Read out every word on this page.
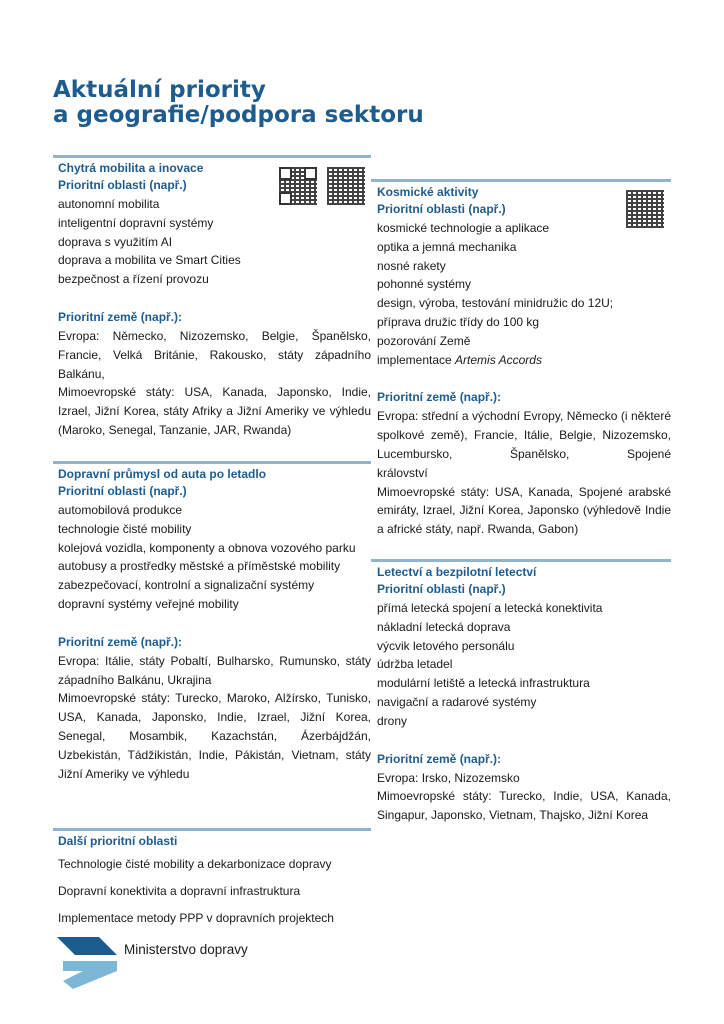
Aktuální priority
a geografie/podpora sektoru
Chytrá mobilita a inovace
Prioritní oblasti (např.)
autonomní mobilita
inteligentní dopravní systémy
doprava s využitím AI
doprava a mobilita ve Smart Cities
bezpečnost a řízení provozu
Prioritní země (např.):
Evropa: Německo, Nizozemsko, Belgie, Španělsko, Francie, Velká Británie, Rakousko, státy západního Balkánu,
Mimoevropské státy: USA, Kanada, Japonsko, Indie, Izrael, Jižní Korea, státy Afriky a Jižní Ameriky ve výhledu (Maroko, Senegal, Tanzanie, JAR, Rwanda)
Dopravní průmysl od auta po letadlo
Prioritní oblasti (např.)
automobilová produkce
technologie čisté mobility
kolejová vozidla, komponenty a obnova vozového parku
autobusy a prostředky městské a příměstské mobility
zabezpečovací, kontrolní a signalizační systémy
dopravní systémy veřejné mobility
Prioritní země (např.):
Evropa: Itálie, státy Pobaltí, Bulharsko, Rumunsko, státy západního Balkánu, Ukrajina
Mimoevropské státy: Turecko, Maroko, Alžírsko, Tunisko, USA, Kanada, Japonsko, Indie, Izrael, Jižní Korea, Senegal, Mosambik, Kazachstán, Ázerbájdžán, Uzbekistán, Tádžikistán, Indie, Pákistán, Vietnam, státy Jižní Ameriky ve výhledu
Kosmické aktivity
Prioritní oblasti (např.)
kosmické technologie a aplikace
optika a jemná mechanika
nosné rakety
pohonné systémy
design, výroba, testování minidružic do 12U;
příprava družic třídy do 100 kg
pozorování Země
implementace Artemis Accords
Prioritní země (např.):
Evropa: střední a východní Evropy, Německo (i některé spolkové země), Francie, Itálie, Belgie, Nizozemsko, Lucembursko, Španělsko, Spojené
království
Mimoevropské státy: USA, Kanada, Spojené arabské emiráty, Izrael, Jižní Korea, Japonsko (výhledově Indie a africké státy, např. Rwanda, Gabon)
Letectví a bezpilotní letectví
Prioritní oblasti (např.)
přímá letecká spojení a letecká konektivita
nákladní letecká doprava
výcvik letového personálu
údržba letadel
modulární letiště a letecká infrastruktura
navigační a radarové systémy
drony
Prioritní země (např.):
Evropa: Irsko, Nizozemsko
Mimoevropské státy: Turecko, Indie, USA, Kanada, Singapur, Japonsko, Vietnam, Thajsko, Jižní Korea
Další prioritní oblasti
Technologie čisté mobility a dekarbonizace dopravy
Dopravní konektivita a dopravní infrastruktura
Implementace metody PPP v dopravních projektech
Ministerstvo dopravy
